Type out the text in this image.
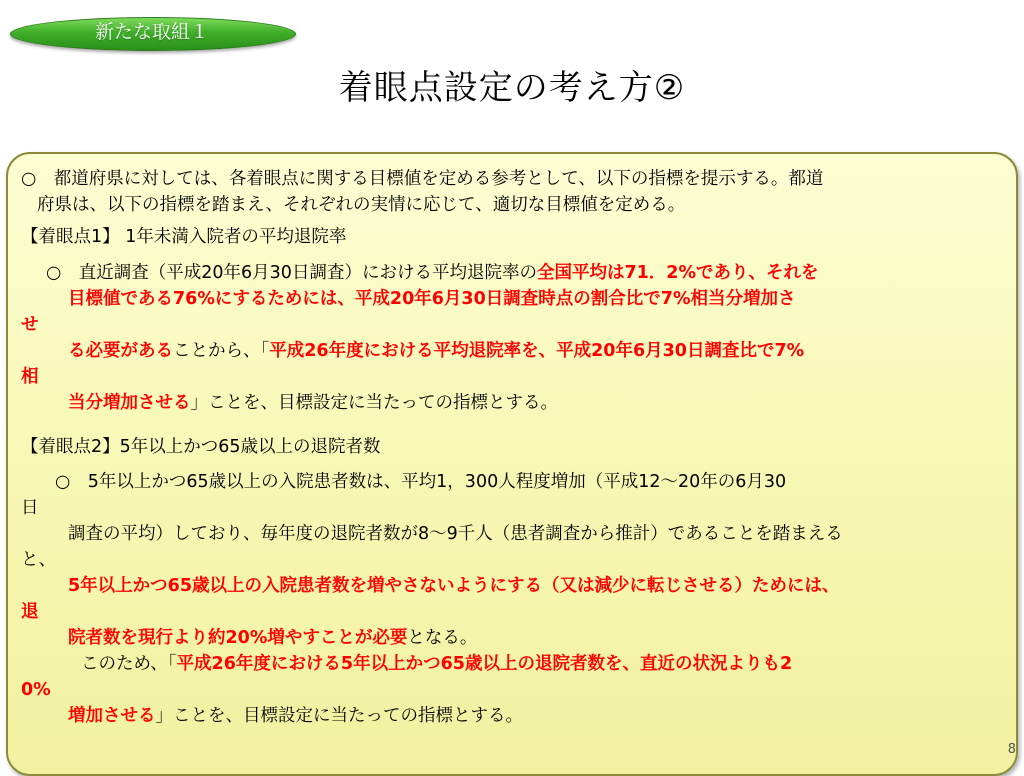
新たな取組１
着眼点設定の考え方②
○　都道府県に対しては、各着眼点に関する目標値を定める参考として、以下の指標を提示する。都道
府県は、以下の指標を踏まえ、それぞれの実情に応じて、適切な目標値を定める。
【着眼点1】 1年未満入院者の平均退院率
○　直近調査（平成20年6月30日調査）における平均退院率の全国平均は71．2%であり、それを
目標値である76%にするためには、平成20年6月30日調査時点の割合比で7%相当分増加さ
せ
る必要があることから、「平成26年度における平均退院率を、平成20年6月30日調査比で7%
相
当分増加させる」ことを、目標設定に当たっての指標とする。
【着眼点2】5年以上かつ65歳以上の退院者数
○　5年以上かつ65歳以上の入院患者数は、平均1，300人程度増加（平成12～20年の6月30
日
調査の平均）しており、毎年度の退院者数が8～9千人（患者調査から推計）であることを踏まえる
と、
5年以上かつ65歳以上の入院患者数を増やさないようにする（又は減少に転じさせる）ためには、
退
院者数を現行より約20%増やすことが必要となる。
このため、「平成26年度における5年以上かつ65歳以上の退院者数を、直近の状況よりも2
0%
増加させる」ことを、目標設定に当たっての指標とする。
8
